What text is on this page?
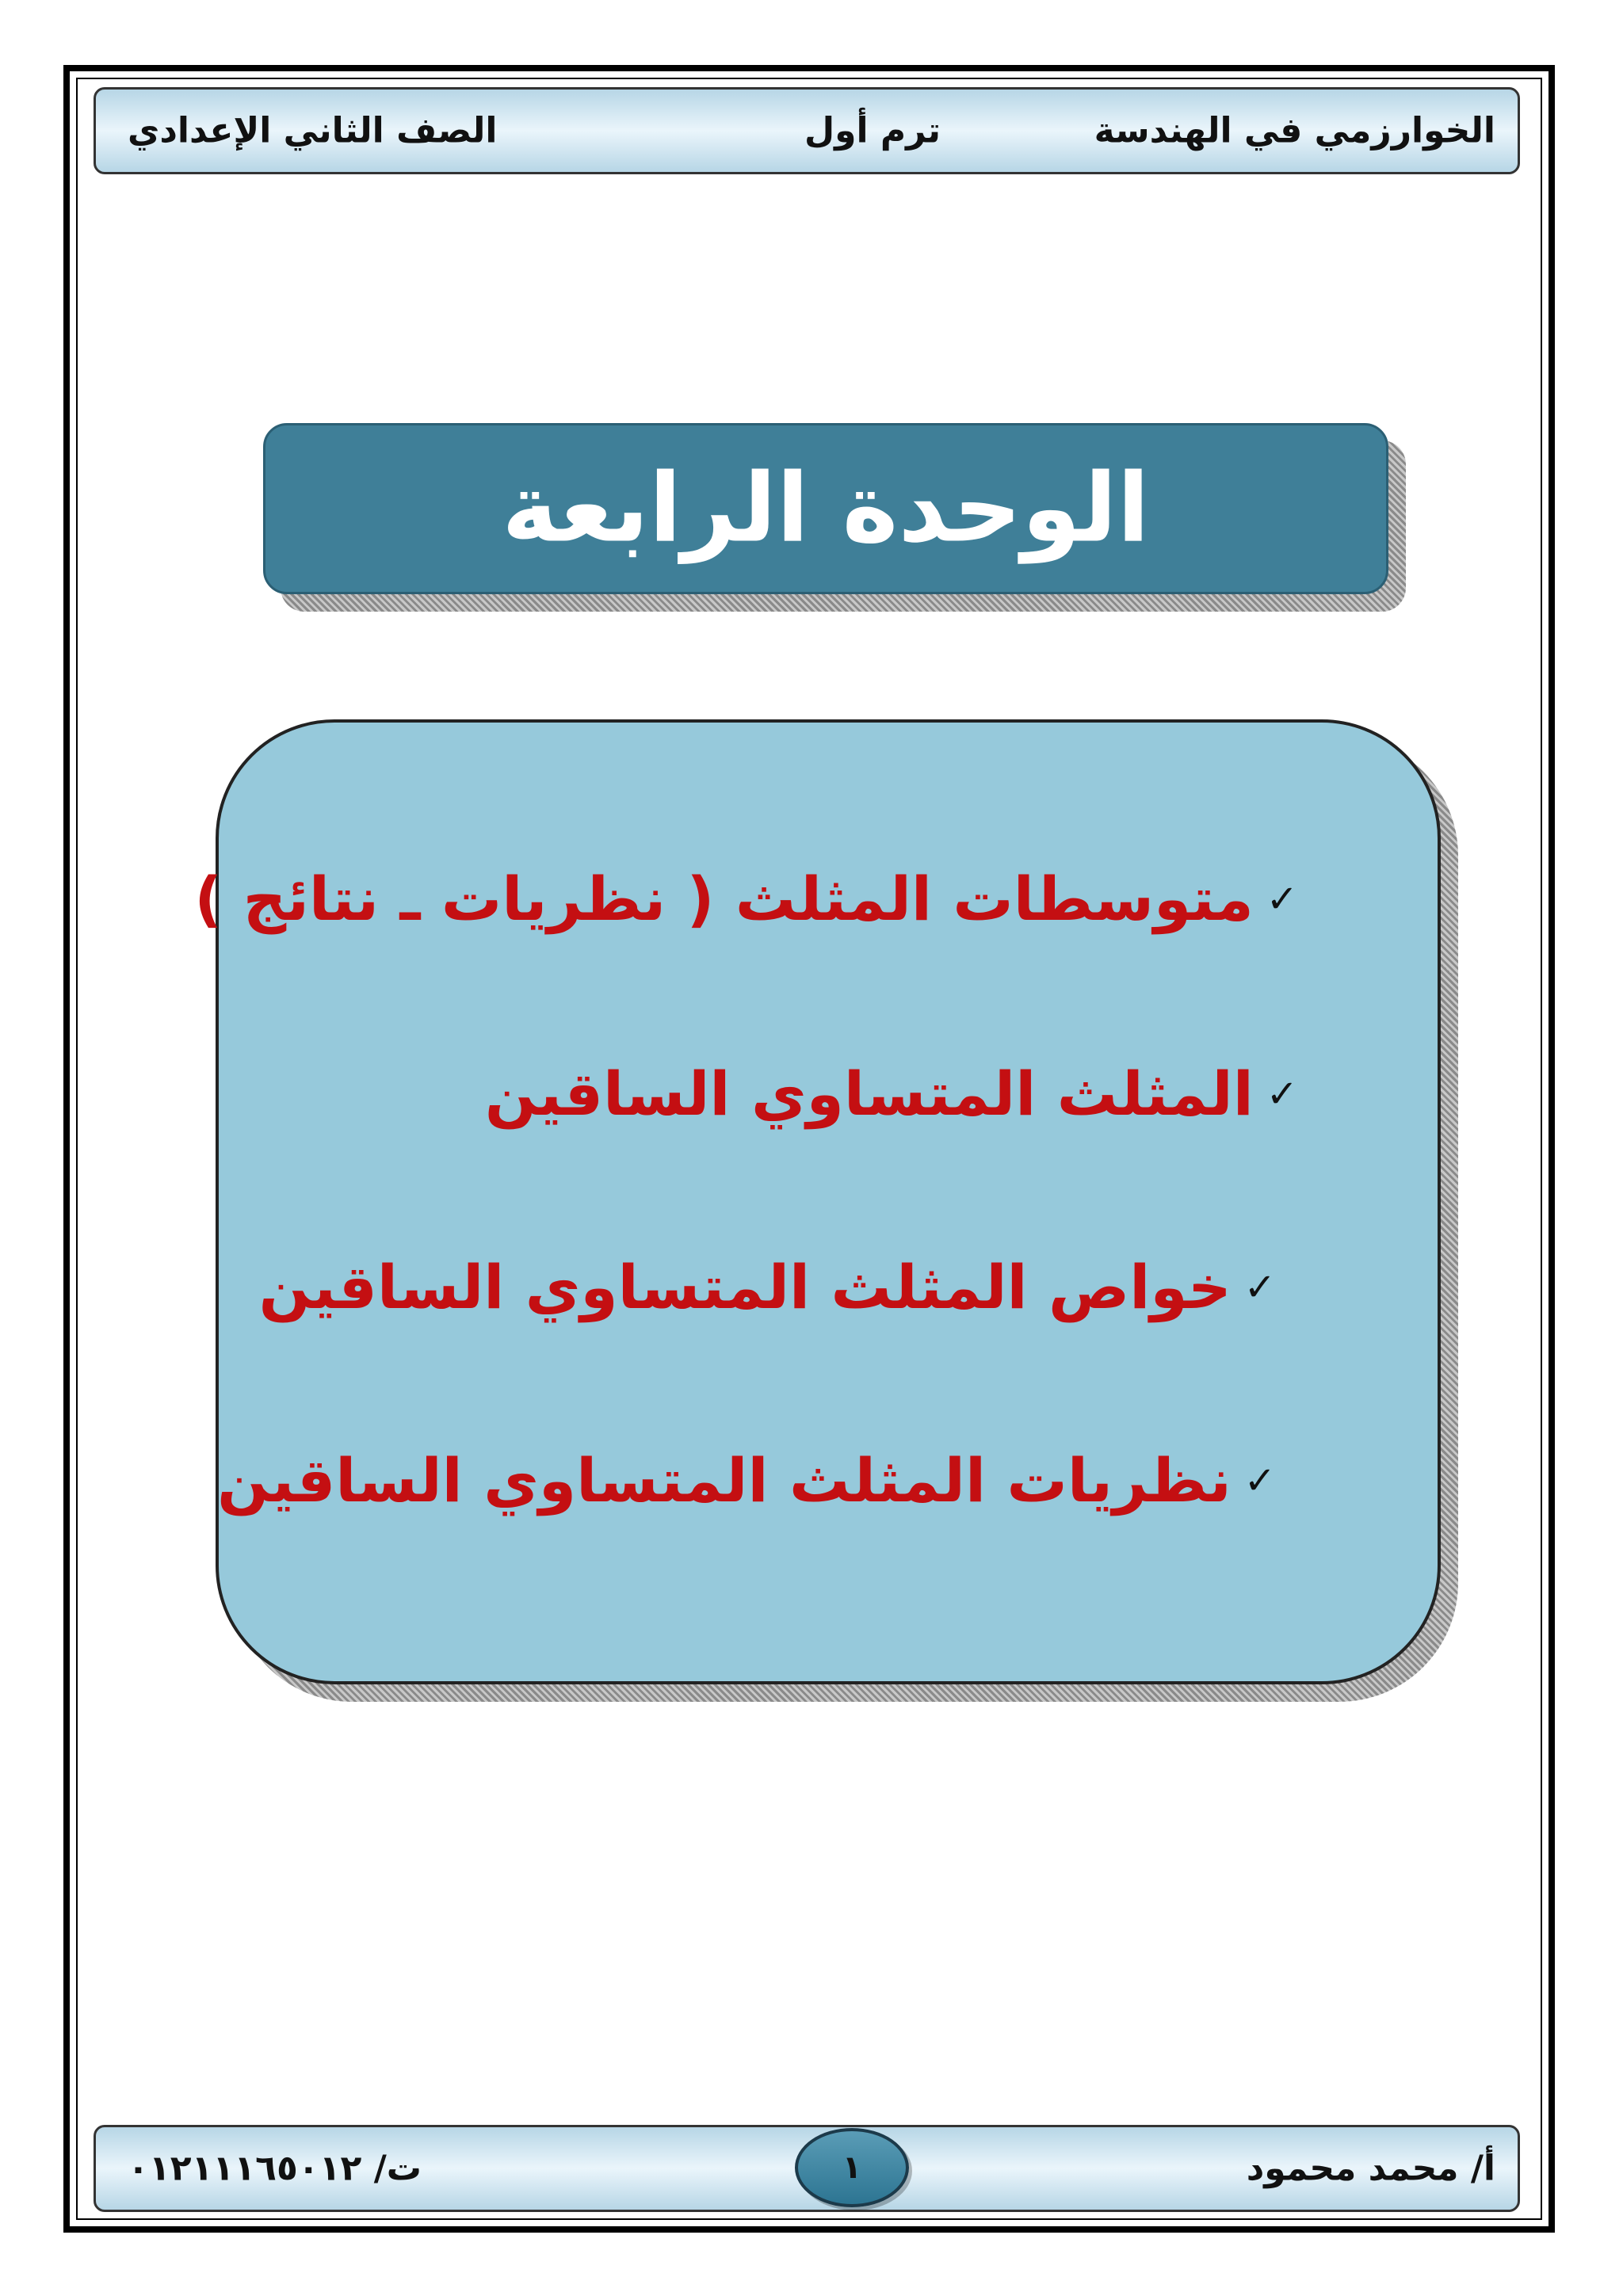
الخوارزمي في الهندسة
ترم أول
الصف الثاني الإعدادي
الوحدة الرابعة
✓
متوسطات المثلث ( نظريات ـ نتائج )
✓
المثلث المتساوي الساقين
✓
خواص المثلث المتساوي الساقين
✓
نظريات المثلث المتساوي الساقين
أ/ محمد محمود
ت/ ٠١٢١١١٦٥٠١٢	١
